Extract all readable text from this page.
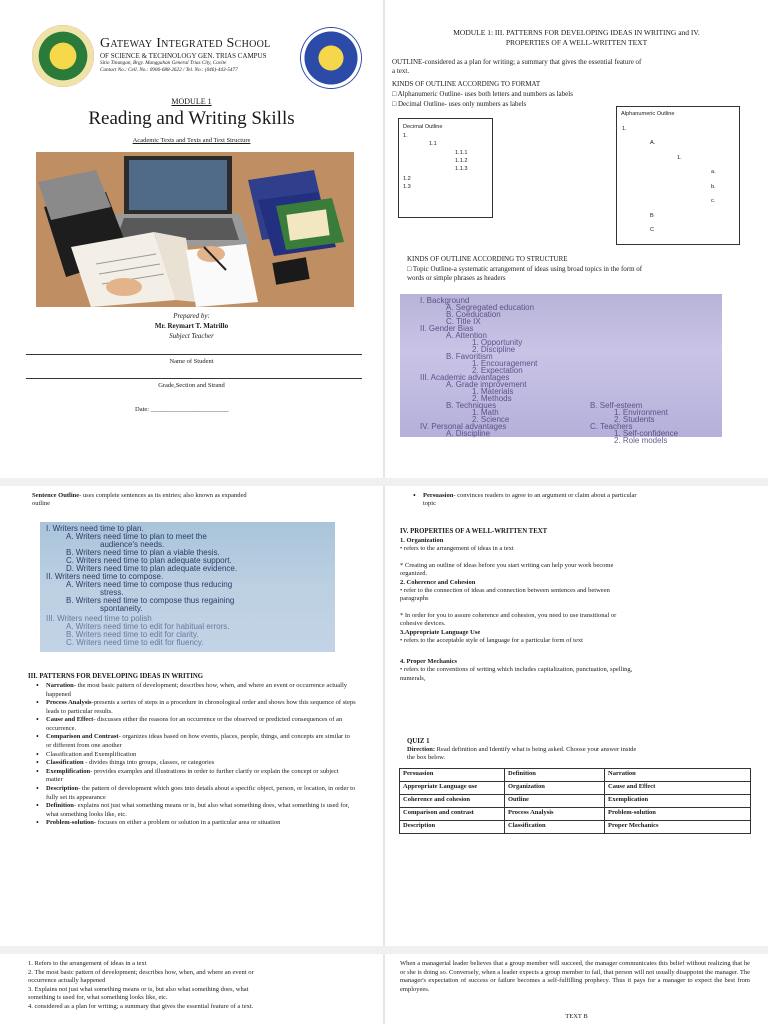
Gateway Integrated School
OF SCIENCE & TECHNOLOGY GEN. TRIAS CAMPUS
Sitio Tinungan, Brgy. Manggahan General Trias City, Cavite
Contact No.: Cell. No.: 0906-688-2622 / Tel. No.: (046)-443-5477
MODULE 1
Reading and Writing Skills
Academic Texts and Texts and Text Structure
Prepared by:
Mr. Reymart T. Matrillo
Subject Teacher
Name of Student
Grade,Section and Strand
Date: ________________________
MODULE 1: III. PATTERNS FOR DEVELOPING IDEAS IN WRITING and IV.
PROPERTIES OF A WELL-WRITTEN TEXT
OUTLINE-considered as a plan for writing; a summary that gives the essential feature of
a text.
KINDS OF OUTLINE ACCORDING TO FORMAT
□ Alphanumeric Outline- uses both letters and numbers as labels
□ Decimal Outline- uses only numbers as labels
Decimal Outline
1.
1.1
1.1.1
1.1.2
1.1.3
1.2
1.3
Alphanumeric Outline
1.
A.
1.
a.
b.
c.
B
C
KINDS OF OUTLINE ACCORDING TO STRUCTURE
□ Topic Outline-a systematic arrangement of ideas using broad topics in the form of
words or simple phrases as headers
I. Background
A. Segregated education
B. Coeducation
C. Title IX
II. Gender Bias
A. Attention
1. Opportunity
2. Discipline
B. Favoritism
1. Encouragement
2. Expectation
III. Academic advantages
A. Grade improvement
1. Materials
2. Methods
B. Techniques
1. Math
2. Science
IV. Personal advantages
A. Discipline
B. Self-esteem
1. Environment
2. Students
C. Teachers
1. Self-confidence
2. Role models
Sentence Outline- uses complete sentences as its entries; also known as expanded
outline
I. Writers need time to plan.
A. Writers need time to plan to meet the
audience's needs.
B. Writers need time to plan a viable thesis.
C. Writers need time to plan adequate support.
D. Writers need time to plan adequate evidence.
II. Writers need time to compose.
A. Writers need time to compose thus reducing
stress.
B. Writers need time to compose thus regaining
spontaneity.
III. Writers need time to polish
A. Writers need time to edit for habitual errors.
B. Writers need time to edit for clarity.
C. Writers need time to edit for fluency.
III. PATTERNS FOR DEVELOPING IDEAS IN WRITING
• Narration- the most basic pattern of development; describes how, when, and where an event or occurrence actually happened
• Process Analysis-presents a series of steps in a procedure in chronological order and shows how this sequence of steps leads to particular results.
• Cause and Effect- discusses either the reasons for an occurrence or the observed or predicted consequences of an occurrence.
• Comparison and Contrast- organizes ideas based on how events, places, people, things, and concepts are similar to or different from one another
• Classification and Exemplification
• Classification - divides things into groups, classes, or categories
• Exemplification- provides examples and illustrations in order to further clarify or explain the concept or subject matter
• Description- the pattern of development which goes into details about a specific object, person, or location, in order to fully set its appearance
• Definition- explains not just what something means or is, but also what something does, what something is used for, what something looks like, etc.
• Problem-solution- focuses on either a problem or solution in a particular area or situation
• Persuasion- convinces readers to agree to an argument or claim about a particular
topic
IV. PROPERTIES OF A WELL-WRITTEN TEXT
1. Organization
• refers to the arrangement of ideas in a text
* Creating an outline of ideas before you start writing can help your work become
organized.
2. Coherence and Cohesion
• refer to the connection of ideas and connection between sentences and between
paragraphs
* In order for you to assure coherence and cohesion, you need to use transitional or
cohesive devices.
3.Appropriate Language Use
• refers to the acceptable style of language for a particular form of text
4. Proper Mechanics
• refers to the conventions of writing which includes capitalization, punctuation, spelling,
numerals,
QUIZ 1
Direction: Read definition and Identify what is being asked. Choose your answer inside
the box below.
Persuasion	Definition	Narration
Appropriate Language use	Organization	Cause and Effect
Coherence and cohesion	Outline	Exemplication
Comparison and contrast	Process Analysis	Problem-solution
Description	Classification	Proper Mechanics
1. Refers to the arrangement of ideas in a text
2. The most basic pattern of development; describes how, when, and where an event or
occurrence actually happened
3. Explains not just what something means or is, but also what something does, what
something is used for, what something looks like, etc.
4. considered as a plan for writing; a summary that gives the essential feature of a text.
When a managerial leader believes that a group member will succeed, the manager communicates this belief without realizing that he or she is doing so. Conversely, when a leader expects a group member to fail, that person will not usually disappoint the manager. The manager's expectation of success or failure becomes a self-fulfilling prophecy. Thus it pays for a manager to expect the best from employees.
TEXT B
